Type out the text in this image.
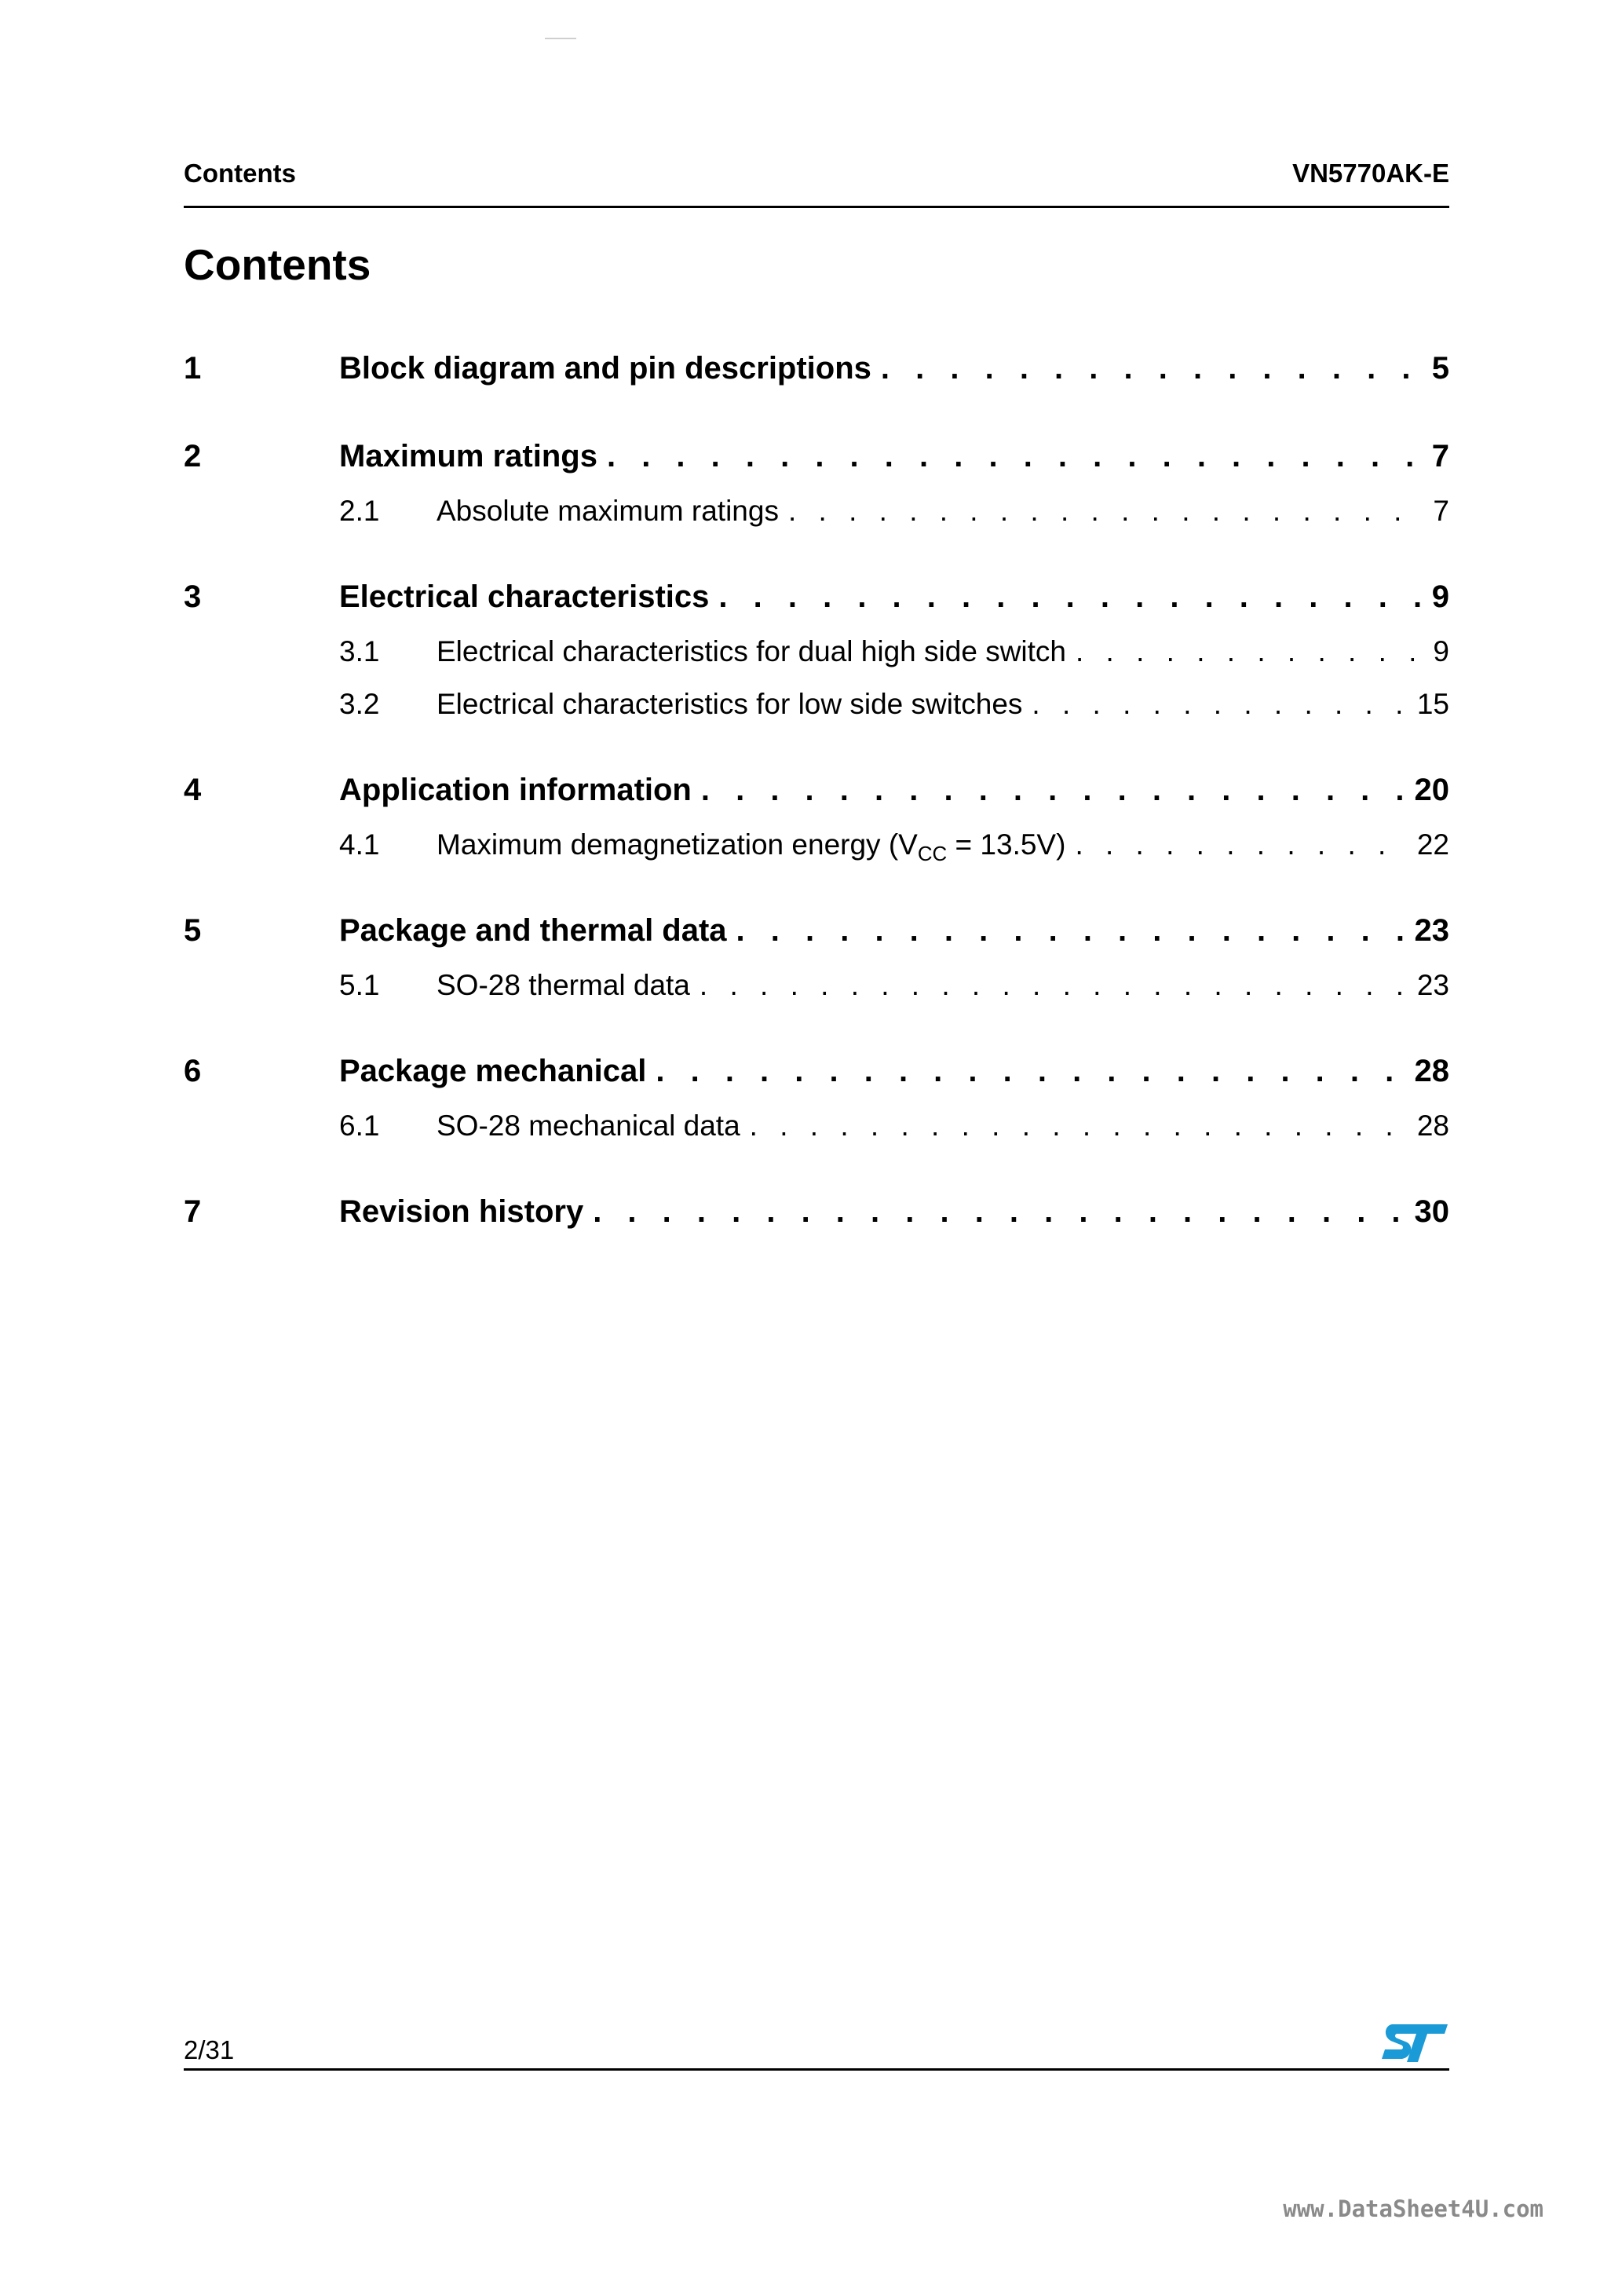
Contents	VN5770AK-E
Contents
1	Block diagram and pin descriptions . . .	5
2	Maximum ratings . . .	7
2.1	Absolute maximum ratings . . .	7
3	Electrical characteristics . . .	9
3.1	Electrical characteristics for dual high side switch . . .	9
3.2	Electrical characteristics for low side switches . . .	15
4	Application information . . .	20
4.1	Maximum demagnetization energy $(V_{CC} = 13.5V)$ . . .	22
5	Package and thermal data . . .	23
5.1	SO-28 thermal data . . .	23
6	Package mechanical . . .	28
6.1	SO-28 mechanical data . . .	28
7	Revision history . . .	30
2/31
www.DataSheet4U.com
